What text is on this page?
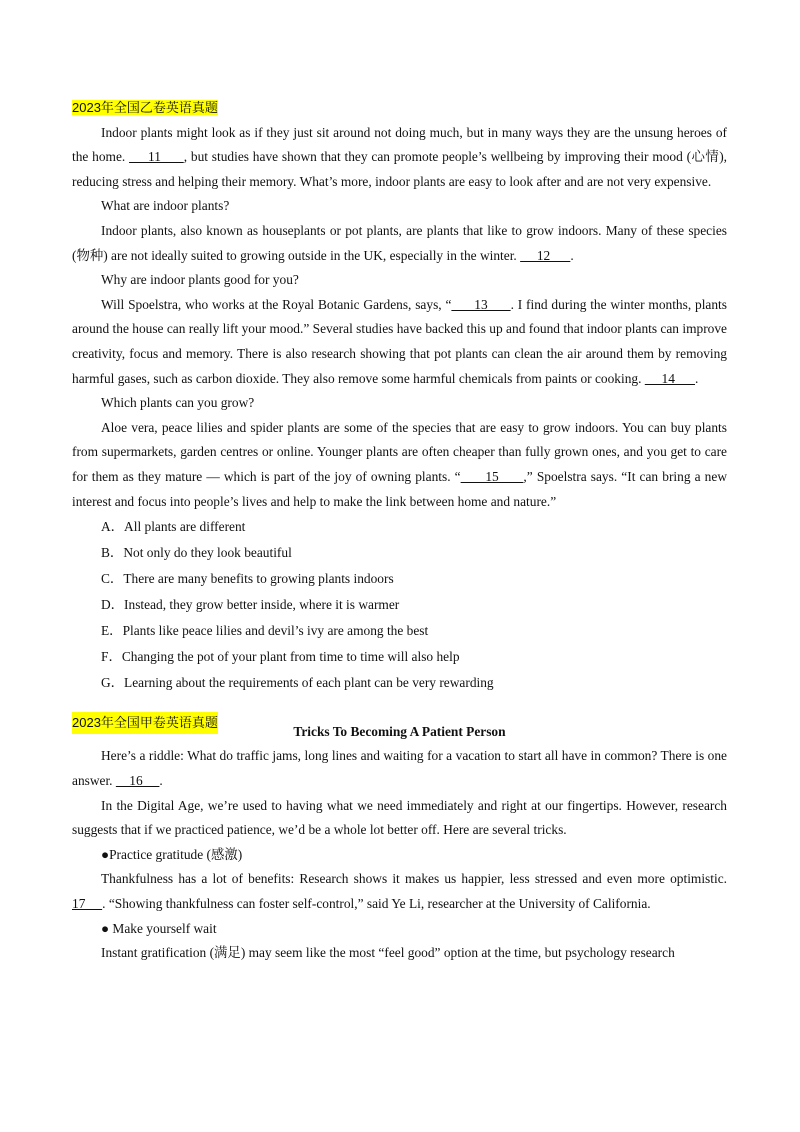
2023年全国乙卷英语真题

Indoor plants might look as if they just sit around not doing much, but in many ways they are the unsung heroes of the home.      11      , but studies have shown that they can promote people’s wellbeing by improving their mood (心情), reducing stress and helping their memory. What’s more, indoor plants are easy to look after and are not very expensive.

What are indoor plants?

Indoor plants, also known as houseplants or pot plants, are plants that like to grow indoors. Many of these species (物种) are not ideally suited to growing outside in the UK, especially in the winter.      12      .

Why are indoor plants good for you?

Will Spoelstra, who works at the Royal Botanic Gardens, says, “      13      . I find during the winter months, plants around the house can really lift your mood.” Several studies have backed this up and found that indoor plants can improve creativity, focus and memory. There is also research showing that pot plants can clean the air around them by removing harmful gases, such as carbon dioxide. They also remove some harmful chemicals from paints or cooking.      14      .

Which plants can you grow?

Aloe vera, peace lilies and spider plants are some of the species that are easy to grow indoors. You can buy plants from supermarkets, garden centres or online. Younger plants are often cheaper than fully grown ones, and you get to care for them as they mature — which is part of the joy of owning plants. “      15      ,” Spoelstra says. “It can bring a new interest and focus into people’s lives and help to make the link between home and nature.”

A．All plants are different

B．Not only do they look beautiful

C．There are many benefits to growing plants indoors

D．Instead, they grow better inside, where it is warmer

E．Plants like peace lilies and devil’s ivy are among the best

F．Changing the pot of your plant from time to time will also help

G．Learning about the requirements of each plant can be very rewarding

2023年全国甲卷英语真题

Tricks To Becoming A Patient Person

Here’s a riddle: What do traffic jams, long lines and waiting for a vacation to start all have in common? There is one answer.     16     .

In the Digital Age, we’re used to having what we need immediately and right at our fingertips. However, research suggests that if we practiced patience, we’d be a whole lot better off. Here are several tricks.

●Practice gratitude (感激)

Thankfulness has a lot of benefits: Research shows it makes us happier, less stressed and even more optimistic. 17     . “Showing thankfulness can foster self-control,” said Ye Li, researcher at the University of California.

● Make yourself wait

Instant gratification (满足) may seem like the most “feel good” option at the time, but psychology research
